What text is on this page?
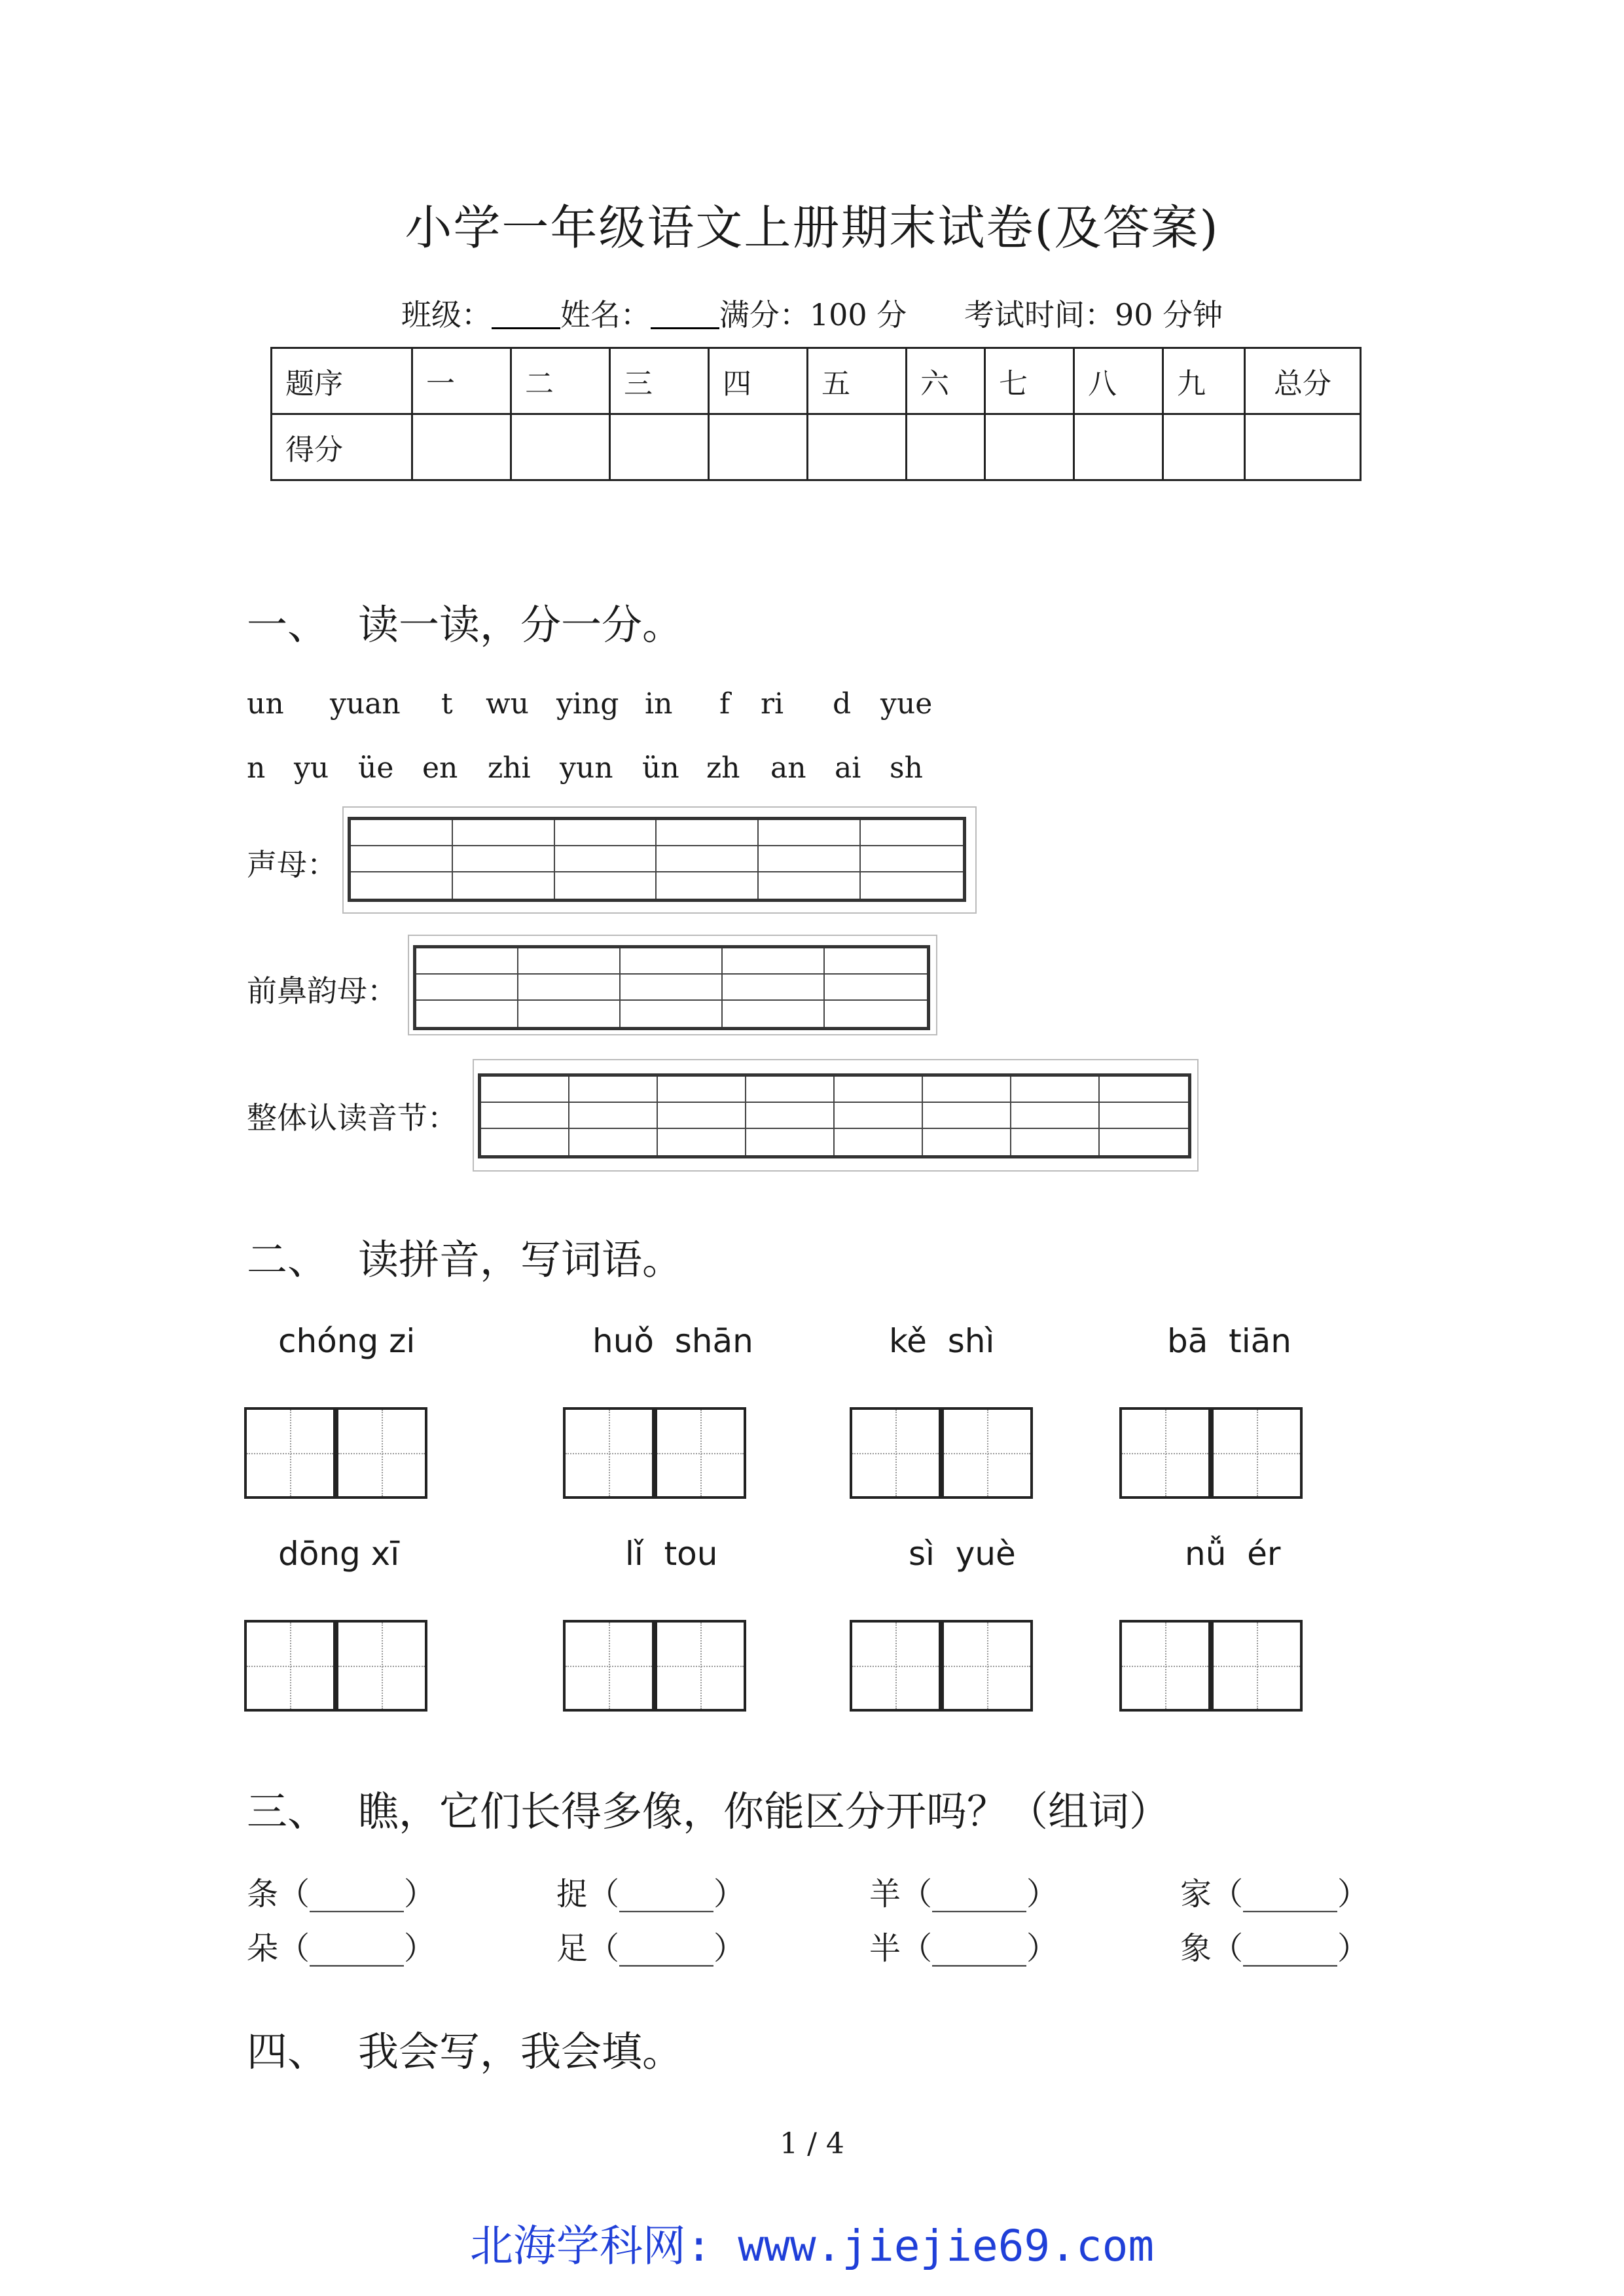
小学一年级语文上册期末试卷(及答案)
班级： 姓名： 满分：100 分 考试时间：90 分钟
题序	一	二	三	四	五	六	七	八	九	总分
得分										
一、 读一读，分一分。

un

yuan

t

wu

ying

in

f

ri

d

yue

n

yu

üe

en

zhi

yun

ün

zh

an

ai

sh

声母：
前鼻韵母：
整体认读音节：
二、 读拼音，写词语。
chóng zi	huǒ  shān	kě  shì	bā  tiān
dōng xī	lǐ  tou	sì  yuè	nǚ  ér
三、 瞧，它们长得多像，你能区分开吗？（组词）
条（______）	捉（______）	羊（______）	家（______）
朵（______）	足（______）	半（______）	象（______）
四、 我会写，我会填。
1 / 4
北海学科网: www.jiejie69.com
